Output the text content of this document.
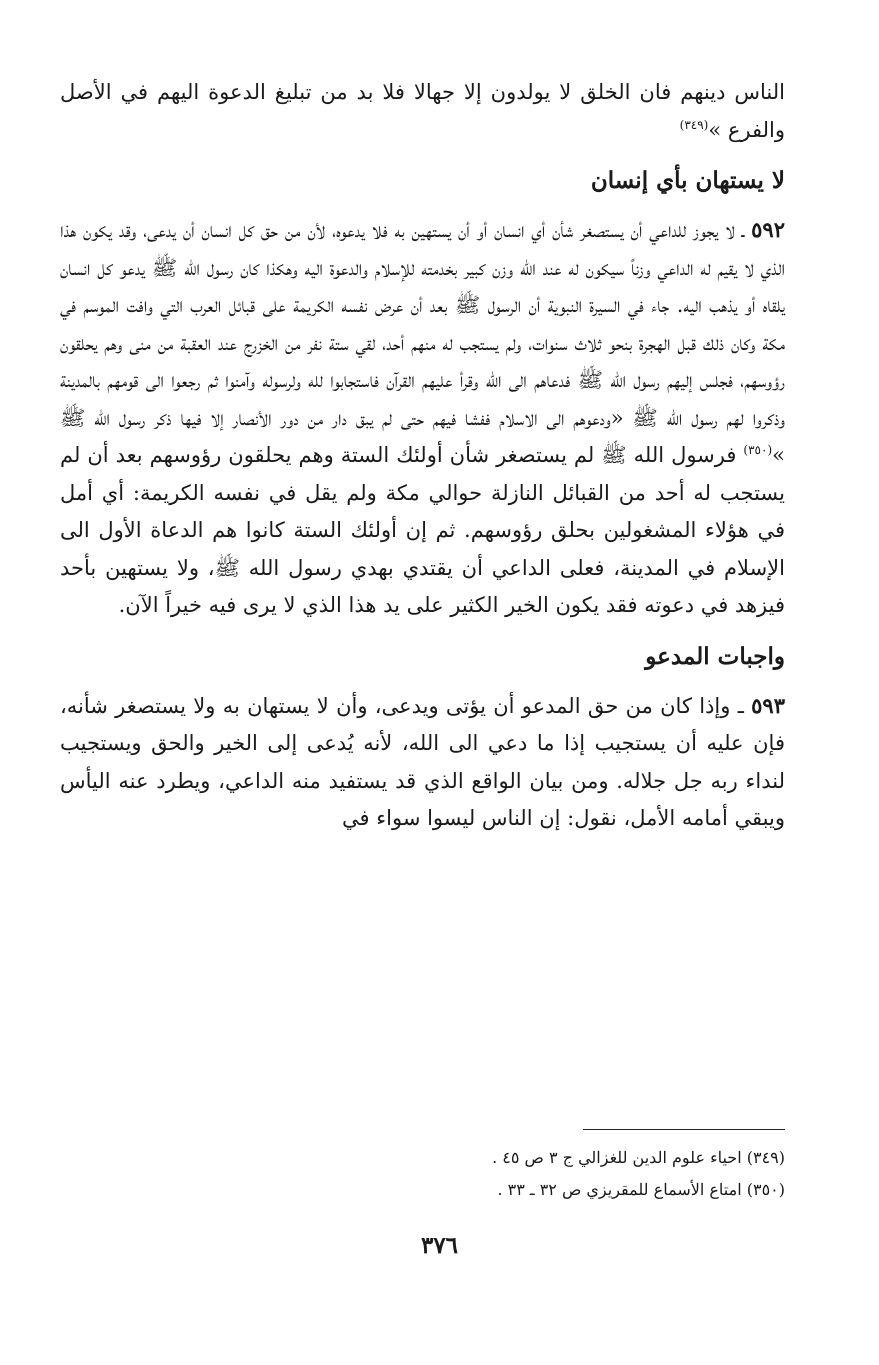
الناس دينهم فان الخلق لا يولدون إلا جهالا فلا بد من تبليغ الدعوة اليهم في الأصل والفرع »$^{(٣٤٩)}$

لا يستهان بأي إنسان

٥٩٢ ـ لا يجوز للداعي أن يستصغر شأن أي انسان أو أن يستهين به فلا يدعوه، لأن من حق كل انسان أن يدعى، وقد يكون هذا الذي لا يقيم له الداعي وزناً سيكون له عند الله وزن كبير بخدمته للإسلام والدعوة اليه وهكذا كان رسول الله ﷺ يدعو كل انسان يلقاه أو يذهب اليه. جاء في السيرة النبوية أن الرسول ﷺ بعد أن عرض نفسه الكريمة على قبائل العرب التي وافت الموسم في مكة وكان ذلك قبل الهجرة بنحو ثلاث سنوات، ولم يستجب له منهم أحد، لقي ستة نفر من الخزرج عند العقبة من منى وهم يحلقون رؤوسهم، فجلس إليهم رسول الله ﷺ فدعاهم الى الله وقرأ عليهم القرآن فاستجابوا لله ولرسوله وآمنوا ثم رجعوا الى قومهم بالمدينة وذكروا لهم رسول الله ﷺ «ودعوهم الى الاسلام ففشا فيهم حتى لم يبق دار من دور الأنصار إلا فيها ذكر رسول الله ﷺ »$^{(٣٥٠)}$ فرسول الله ﷺ لم يستصغر شأن أولئك الستة وهم يحلقون رؤوسهم بعد أن لم يستجب له أحد من القبائل النازلة حوالي مكة ولم يقل في نفسه الكريمة: أي أمل في هؤلاء المشغولين بحلق رؤوسهم. ثم إن أولئك الستة كانوا هم الدعاة الأول الى الإسلام في المدينة، فعلى الداعي أن يقتدي بهدي رسول الله ﷺ، ولا يستهين بأحد فيزهد في دعوته فقد يكون الخير الكثير على يد هذا الذي لا يرى فيه خيراً الآن.

واجبات المدعو

٥٩٣ ـ وإذا كان من حق المدعو أن يؤتى ويدعى، وأن لا يستهان به ولا يستصغر شأنه، فإن عليه أن يستجيب إذا ما دعي الى الله، لأنه يُدعى إلى الخير والحق ويستجيب لنداء ربه جل جلاله. ومن بيان الواقع الذي قد يستفيد منه الداعي، ويطرد عنه اليأس ويبقي أمامه الأمل، نقول: إن الناس ليسوا سواء في

(٣٤٩) احياء علوم الدين للغزالي ج ٣ ص ٤٥ .

(٣٥٠) امتاع الأسماع للمقريزي ص ٣٢ ـ ٣٣ .

٣٧٦
